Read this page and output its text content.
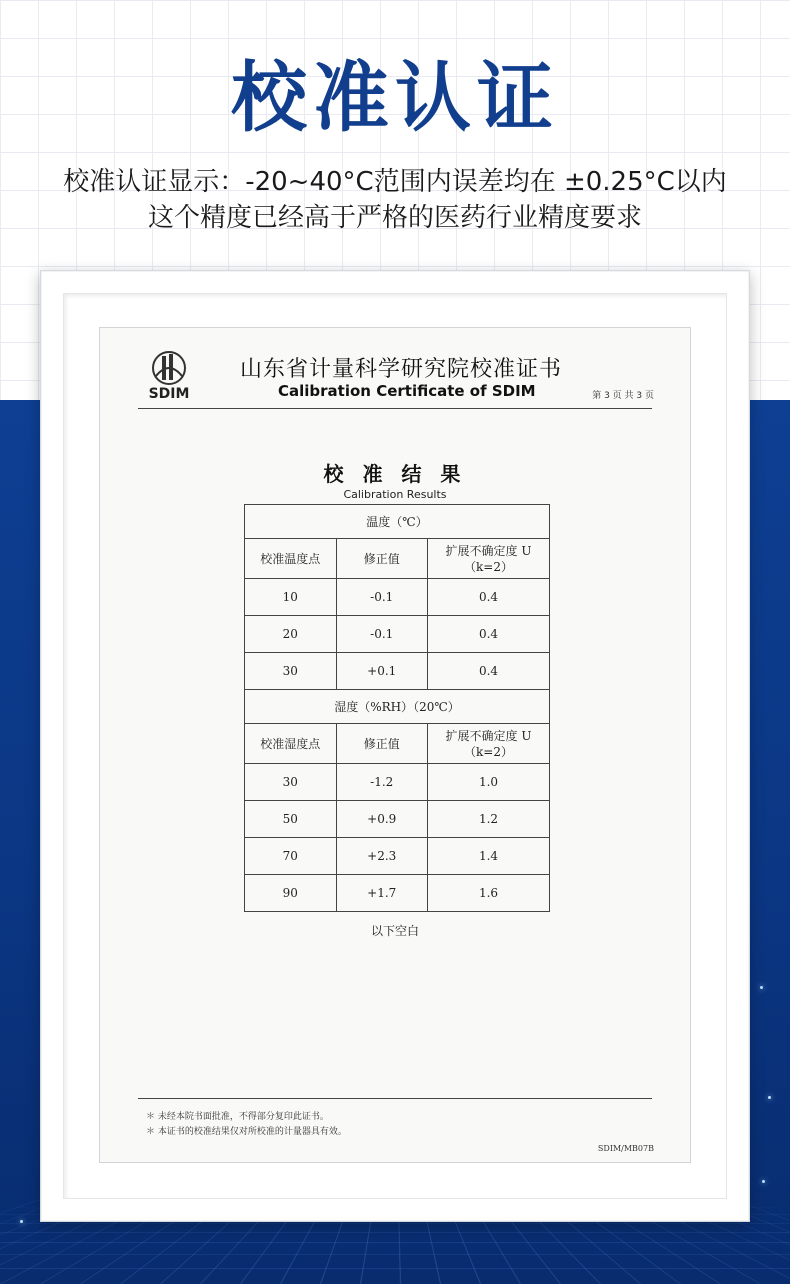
校准认证
校准认证显示：-20~40°C范围内误差均在 ±0.25°C以内
这个精度已经高于严格的医药行业精度要求
SDIM
山东省计量科学研究院校准证书
Calibration Certificate of SDIM	第 3 页 共 3 页
校 准 结 果
Calibration Results
温度（℃）		
校准温度点	修正值	扩展不确定度 U
（k=2）

10	-0.1	0.4
20	-0.1	0.4
30	+0.1	0.4
湿度（%RH）（20℃）		
校准湿度点	修正值	扩展不确定度 U
（k=2）

30	-1.2	1.0
50	+0.9	1.2
70	+2.3	1.4
90	+1.7	1.6
以下空白
＊ 未经本院书面批准，不得部分复印此证书。
＊ 本证书的校准结果仅对所校准的计量器具有效。
SDIM/MB07B
